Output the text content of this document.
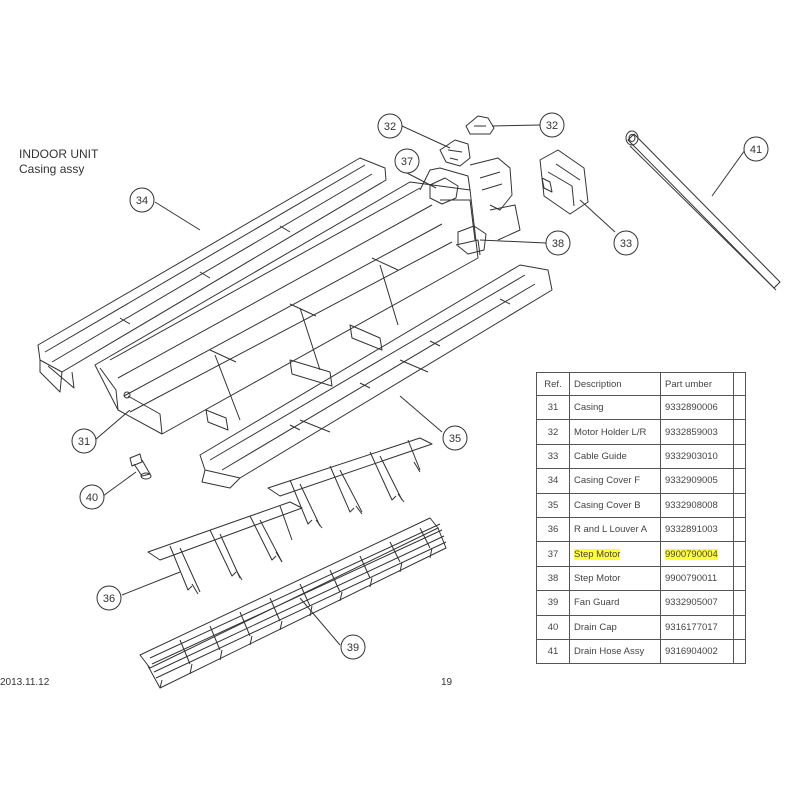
INDOOR UNIT
Casing assy
32	32
37
34
33
38
41
31	35
40
36
39
Ref.	Description	Part umber	
31	Casing	9332890006	
32	Motor Holder L/R	9332859003	
33	Cable Guide	9332903010	
34	Casing Cover F	9332909005	
35	Casing Cover B	9332908008	
36	R and L Louver A	9332891003	
37	Step Motor	9900790004	
38	Step Motor	9900790011	
39	Fan Guard	9332905007	
40	Drain Cap	9316177017	
41	Drain Hose Assy	9316904002	
2013.11.12	19
